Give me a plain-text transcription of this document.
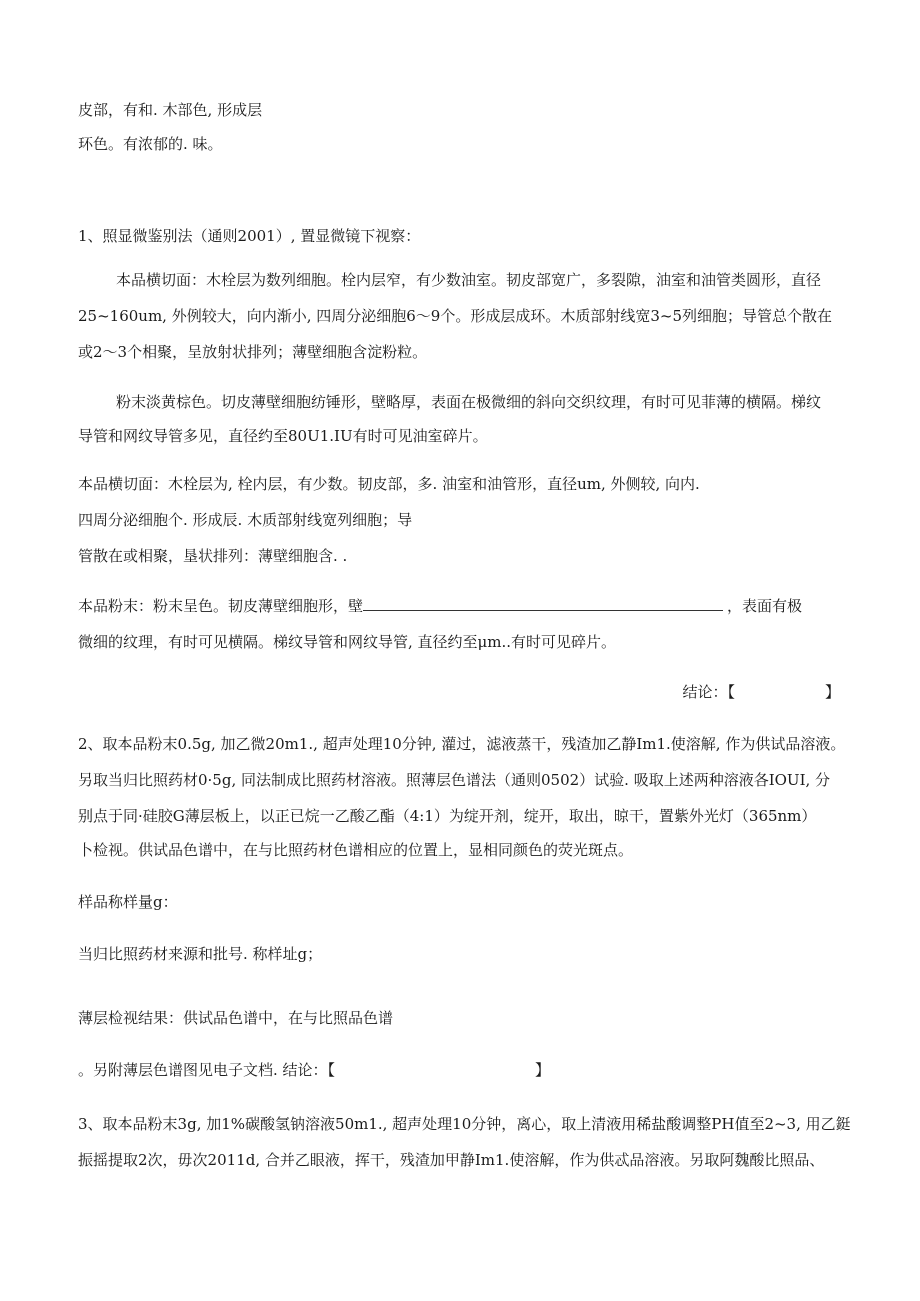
皮部，有和. 木部色, 形成层
环色。有浓郁的. 味。
1、照显微鉴别法（通则2001）, 置显微镜下视察：
本品横切面：木栓层为数列细胞。栓内层窄，有少数油室。韧皮部宽广，多裂隙，油室和油管类圆形，直径
25~160um, 外例较大，向内渐小, 四周分泌细胞6〜9个。形成层成环。木质部射线宽3~5列细胞；导管总个散在
或2〜3个相聚，呈放射状排列；薄壁细胞含淀粉粒。
粉末淡黄棕色。切皮薄壁细胞纺锤形，壁略厚，表面在极微细的斜向交织纹理，有时可见菲薄的横隔。梯纹
导管和网纹导管多见，直径约至80U1.IU有时可见油室碎片。
本品横切面：木栓层为, 栓内层，有少数。韧皮部，多. 油室和油管形，直径um, 外侧较, 向内.
四周分泌细胞个. 形成辰. 木质部射线宽列细胞；导
管散在或相聚，垦状排列：薄壁细胞含. .
本品粉末：粉末呈色。韧皮薄壁细胞形，壁	，表面有极
微细的纹理，有时可见横隔。梯纹导管和网纹导管, 直径约至μm..有时可见碎片。
结论：【　　　　　　】
2、取本品粉末0.5g, 加乙微20m1., 超声处理10分钟, 灌过，滤液蒸干，残渣加乙静Im1.使溶解, 作为供试品溶液。
另取当归比照药材0·5g, 同法制成比照药材溶液。照薄层色谱法（通则0502）试验. 吸取上述两种溶液各IOUI, 分
别点于同·硅胶G薄层板上，以正已烷一乙酸乙酯（4:1）为绽开剂，绽开，取出，晾干，置紫外光灯（365nm）
卜检视。供试品色谱中，在与比照药材色谱相应的位置上，显相同颜色的荧光斑点。
样品称样量g：
当归比照药材来源和批号. 称样址g；
薄层检视结果：供试品色谱中，在与比照品色谱
。另附薄层色谱图见电子文档. 结论：【	】
3、取本品粉末3g, 加1%碳酸氢钠溶液50m1., 超声处理10分钟，离心，取上清液用稀盐酸调整PH值至2~3, 用乙鋌
振摇提取2次，毋次2011d, 合并乙眼液，挥干，残渣加甲静Im1.使溶解，作为供忒品溶液。另取阿魏酸比照品、
